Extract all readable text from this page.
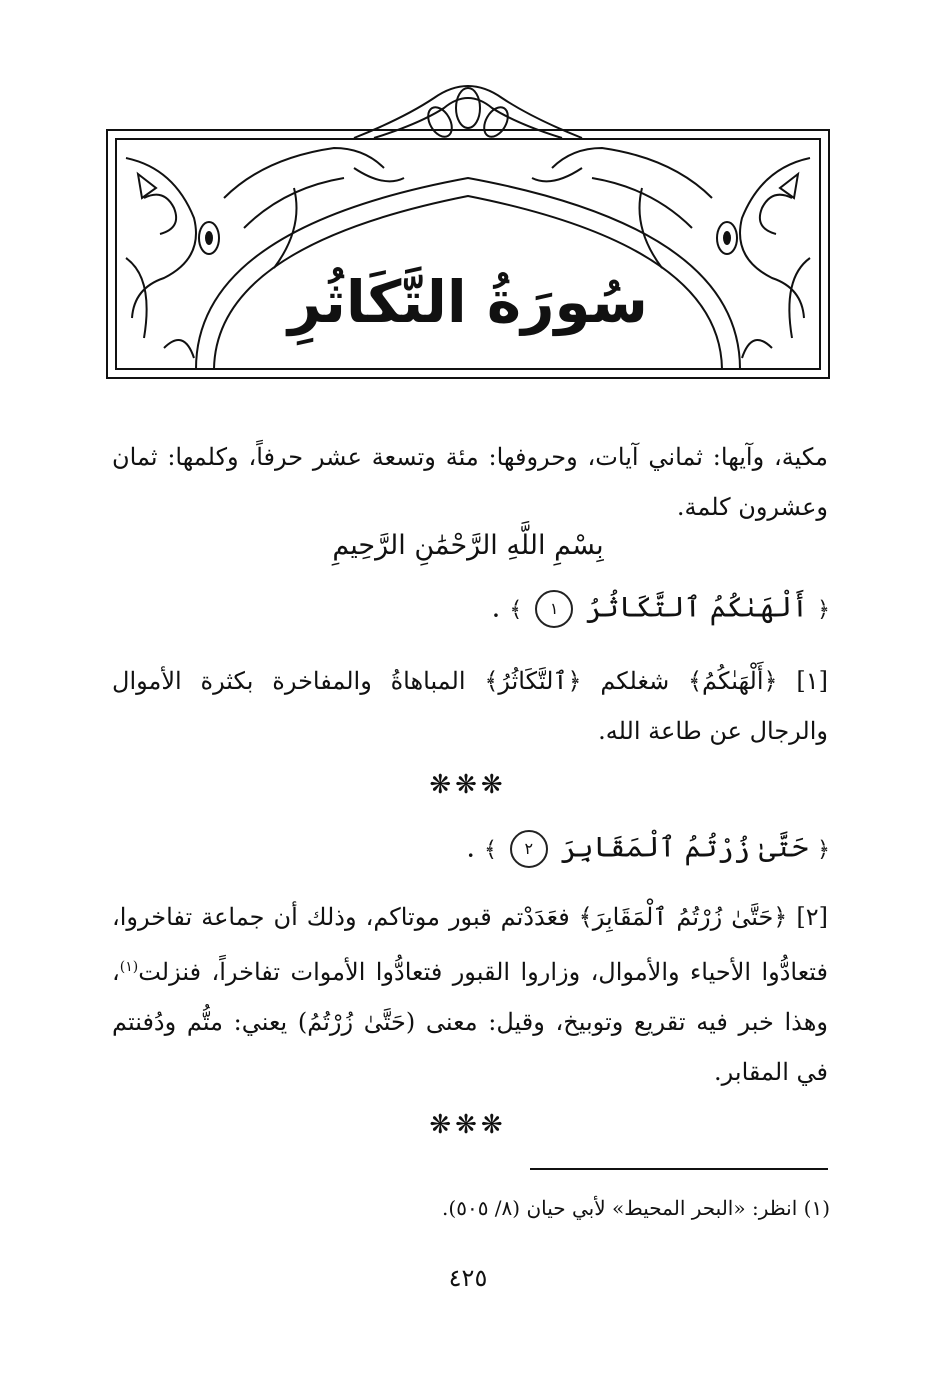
سُورَةُ التَّكَاثُرِ
مكية، وآيها: ثماني آيات، وحروفها: مئة وتسعة عشر حرفاً، وكلمها: ثمان وعشرون كلمة.
بِسْمِ اللَّهِ الرَّحْمَٰنِ الرَّحِيمِ
﴿ أَلْهَىٰكُمُ ٱلتَّكَاثُرُ ١ ﴾ .
[١] ﴿أَلْهَىٰكُمُ﴾ شغلكم ﴿ٱلتَّكَاثُرُ﴾ المباهاةُ والمفاخرة بكثرة الأموال والرجال عن طاعة الله.
❋❋❋
﴿ حَتَّىٰ زُرْتُمُ ٱلْمَقَابِرَ ٢ ﴾ .
[٢] ﴿حَتَّىٰ زُرْتُمُ ٱلْمَقَابِرَ﴾ فعَدَدْتم قبور موتاكم، وذلك أن جماعة تفاخروا، فتعادُّوا الأحياء والأموال، وزاروا القبور فتعادُّوا الأموات تفاخراً، فنزلت$^{(١)}$، وهذا خبر فيه تقريع وتوبيخ، وقيل: معنى (حَتَّىٰ زُرْتُمُ) يعني: متُّم ودُفنتم في المقابر.
❋❋❋
(١) انظر: «البحر المحيط» لأبي حيان (٨/ ٥٠٥).
٤٢٥
